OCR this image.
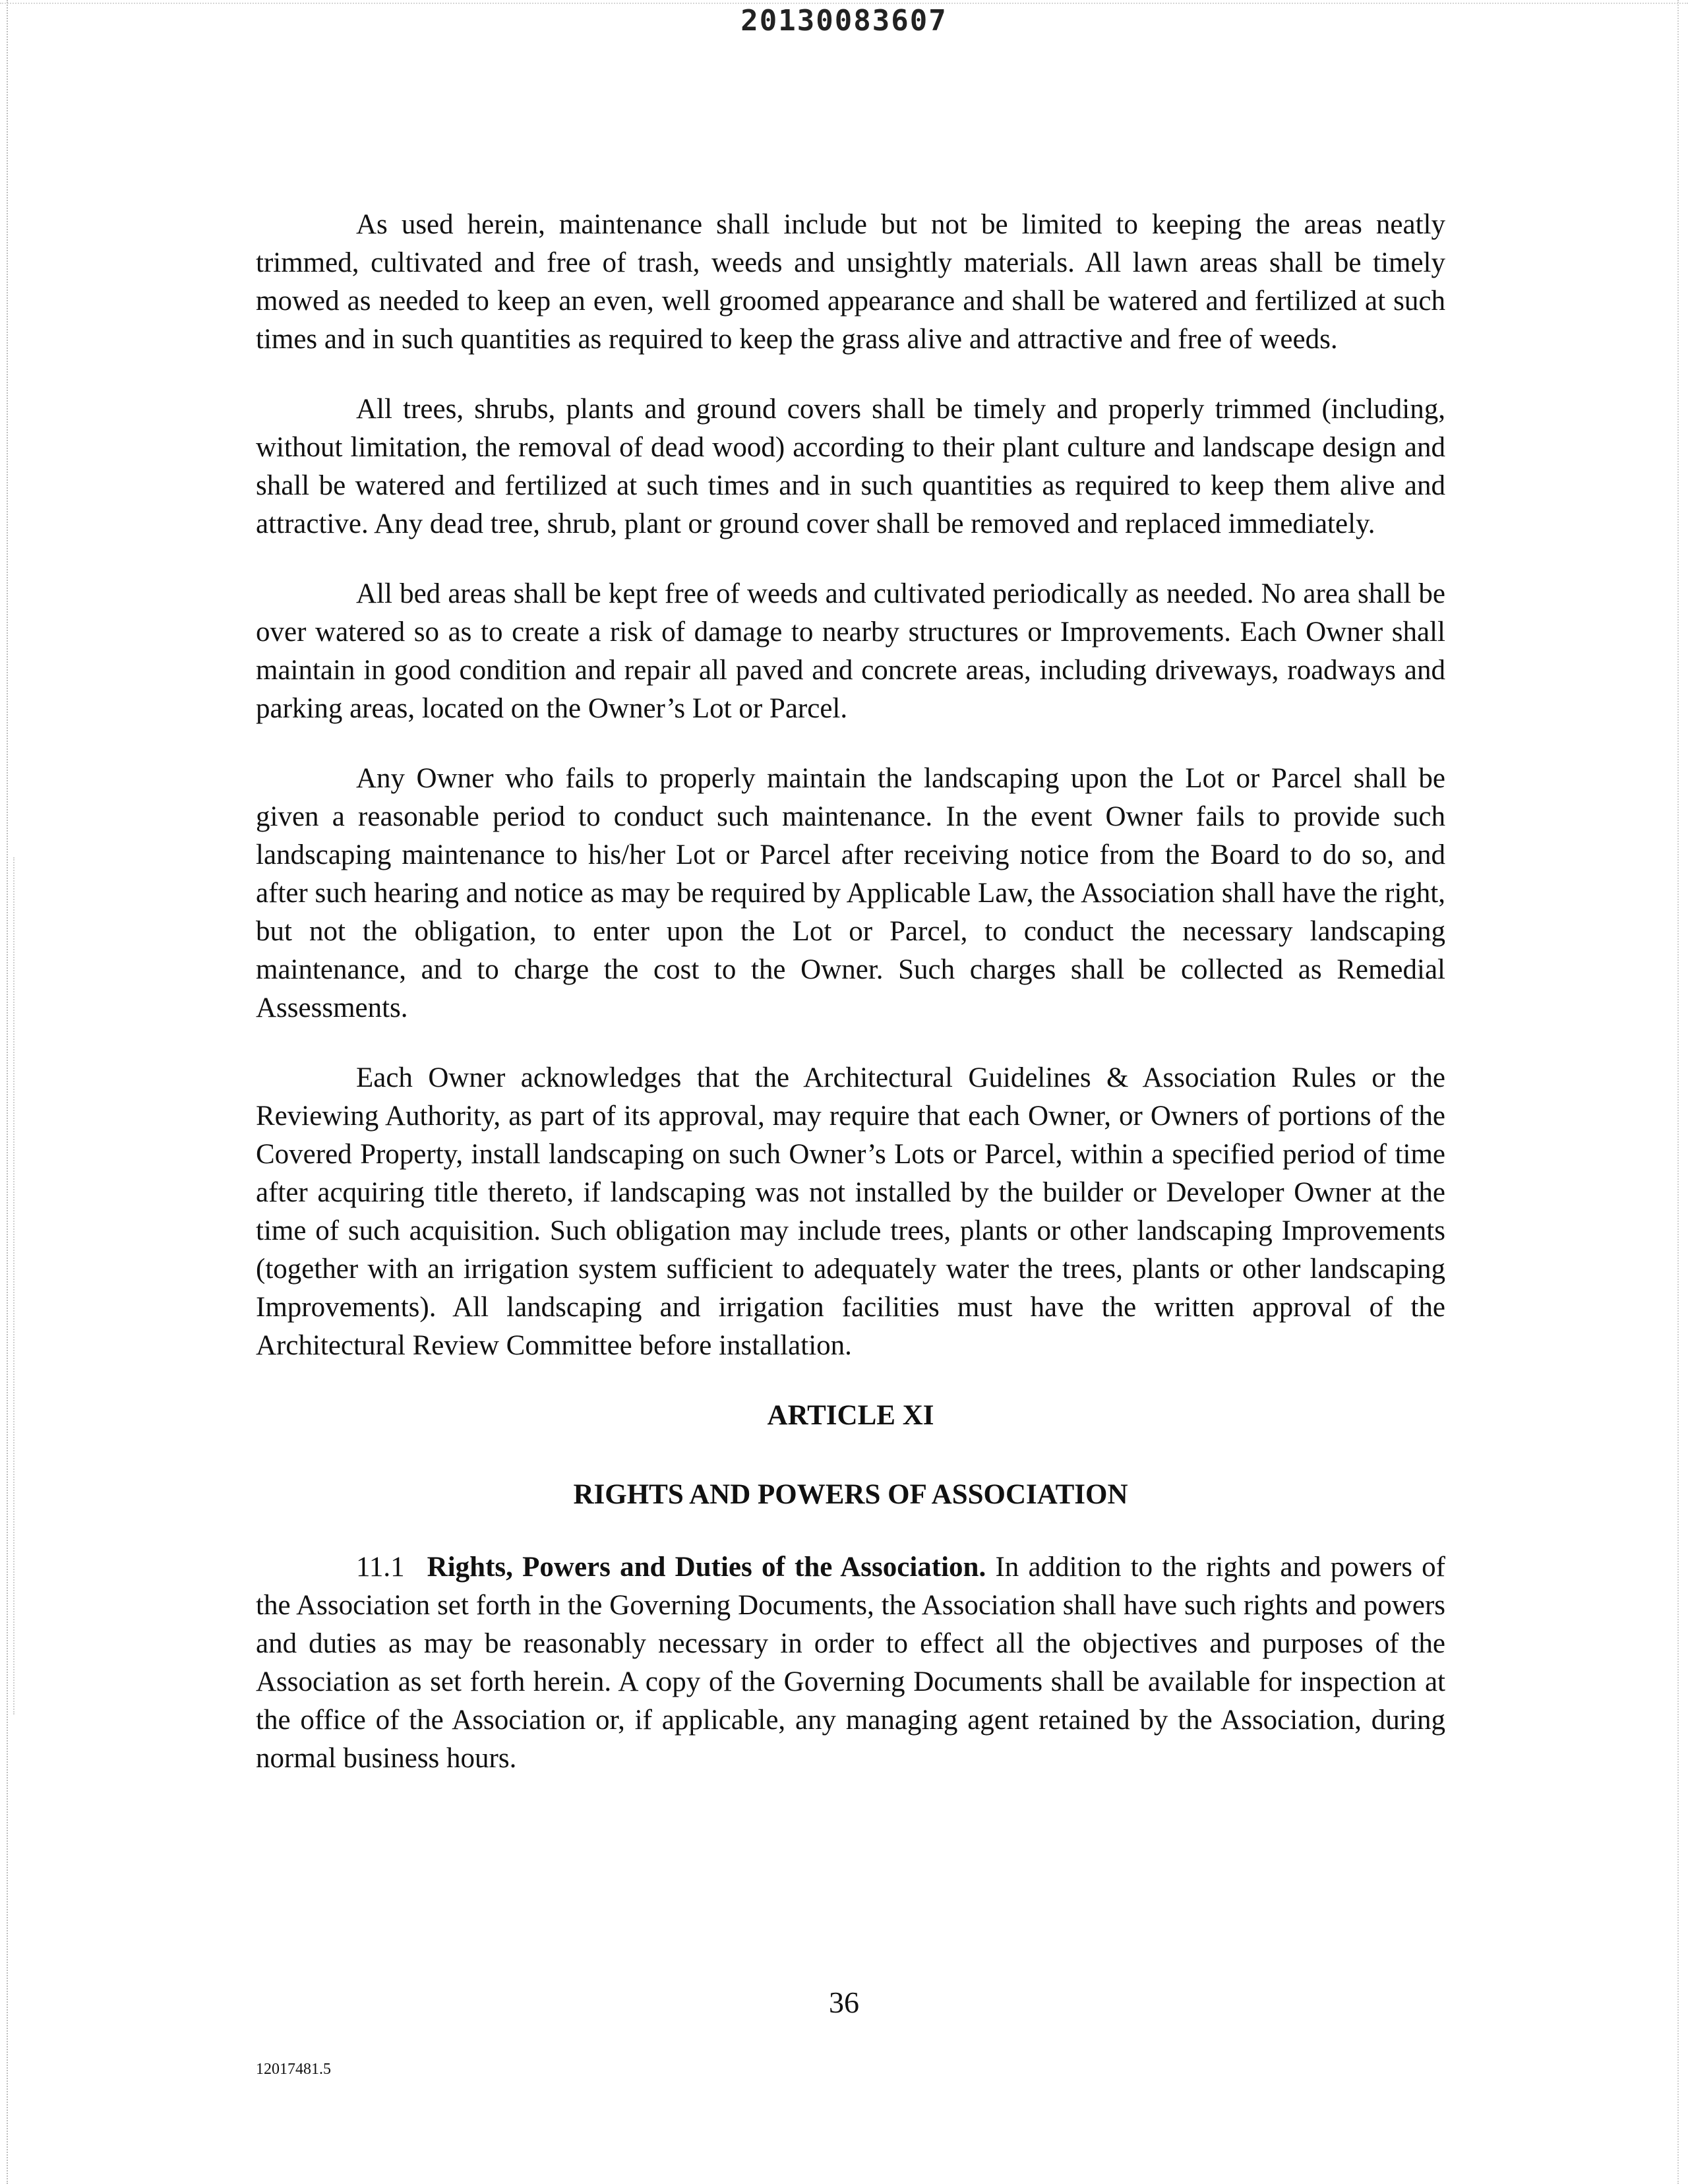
20130083607

As used herein, maintenance shall include but not be limited to keeping the areas neatly trimmed, cultivated and free of trash, weeds and unsightly materials. All lawn areas shall be timely mowed as needed to keep an even, well groomed appearance and shall be watered and fertilized at such times and in such quantities as required to keep the grass alive and attractive and free of weeds.

All trees, shrubs, plants and ground covers shall be timely and properly trimmed (including, without limitation, the removal of dead wood) according to their plant culture and landscape design and shall be watered and fertilized at such times and in such quantities as required to keep them alive and attractive. Any dead tree, shrub, plant or ground cover shall be removed and replaced immediately.

All bed areas shall be kept free of weeds and cultivated periodically as needed. No area shall be over watered so as to create a risk of damage to nearby structures or Improvements. Each Owner shall maintain in good condition and repair all paved and concrete areas, including driveways, roadways and parking areas, located on the Owner’s Lot or Parcel.

Any Owner who fails to properly maintain the landscaping upon the Lot or Parcel shall be given a reasonable period to conduct such maintenance. In the event Owner fails to provide such landscaping maintenance to his/her Lot or Parcel after receiving notice from the Board to do so, and after such hearing and notice as may be required by Applicable Law, the Association shall have the right, but not the obligation, to enter upon the Lot or Parcel, to conduct the necessary landscaping maintenance, and to charge the cost to the Owner. Such charges shall be collected as Remedial Assessments.

Each Owner acknowledges that the Architectural Guidelines & Association Rules or the Reviewing Authority, as part of its approval, may require that each Owner, or Owners of portions of the Covered Property, install landscaping on such Owner’s Lots or Parcel, within a specified period of time after acquiring title thereto, if landscaping was not installed by the builder or Developer Owner at the time of such acquisition. Such obligation may include trees, plants or other landscaping Improvements (together with an irrigation system sufficient to adequately water the trees, plants or other landscaping Improvements). All landscaping and irrigation facilities must have the written approval of the Architectural Review Committee before installation.

ARTICLE XI

RIGHTS AND POWERS OF ASSOCIATION

11.1 Rights, Powers and Duties of the Association. In addition to the rights and powers of the Association set forth in the Governing Documents, the Association shall have such rights and powers and duties as may be reasonably necessary in order to effect all the objectives and purposes of the Association as set forth herein. A copy of the Governing Documents shall be available for inspection at the office of the Association or, if applicable, any managing agent retained by the Association, during normal business hours.

36
12017481.5
